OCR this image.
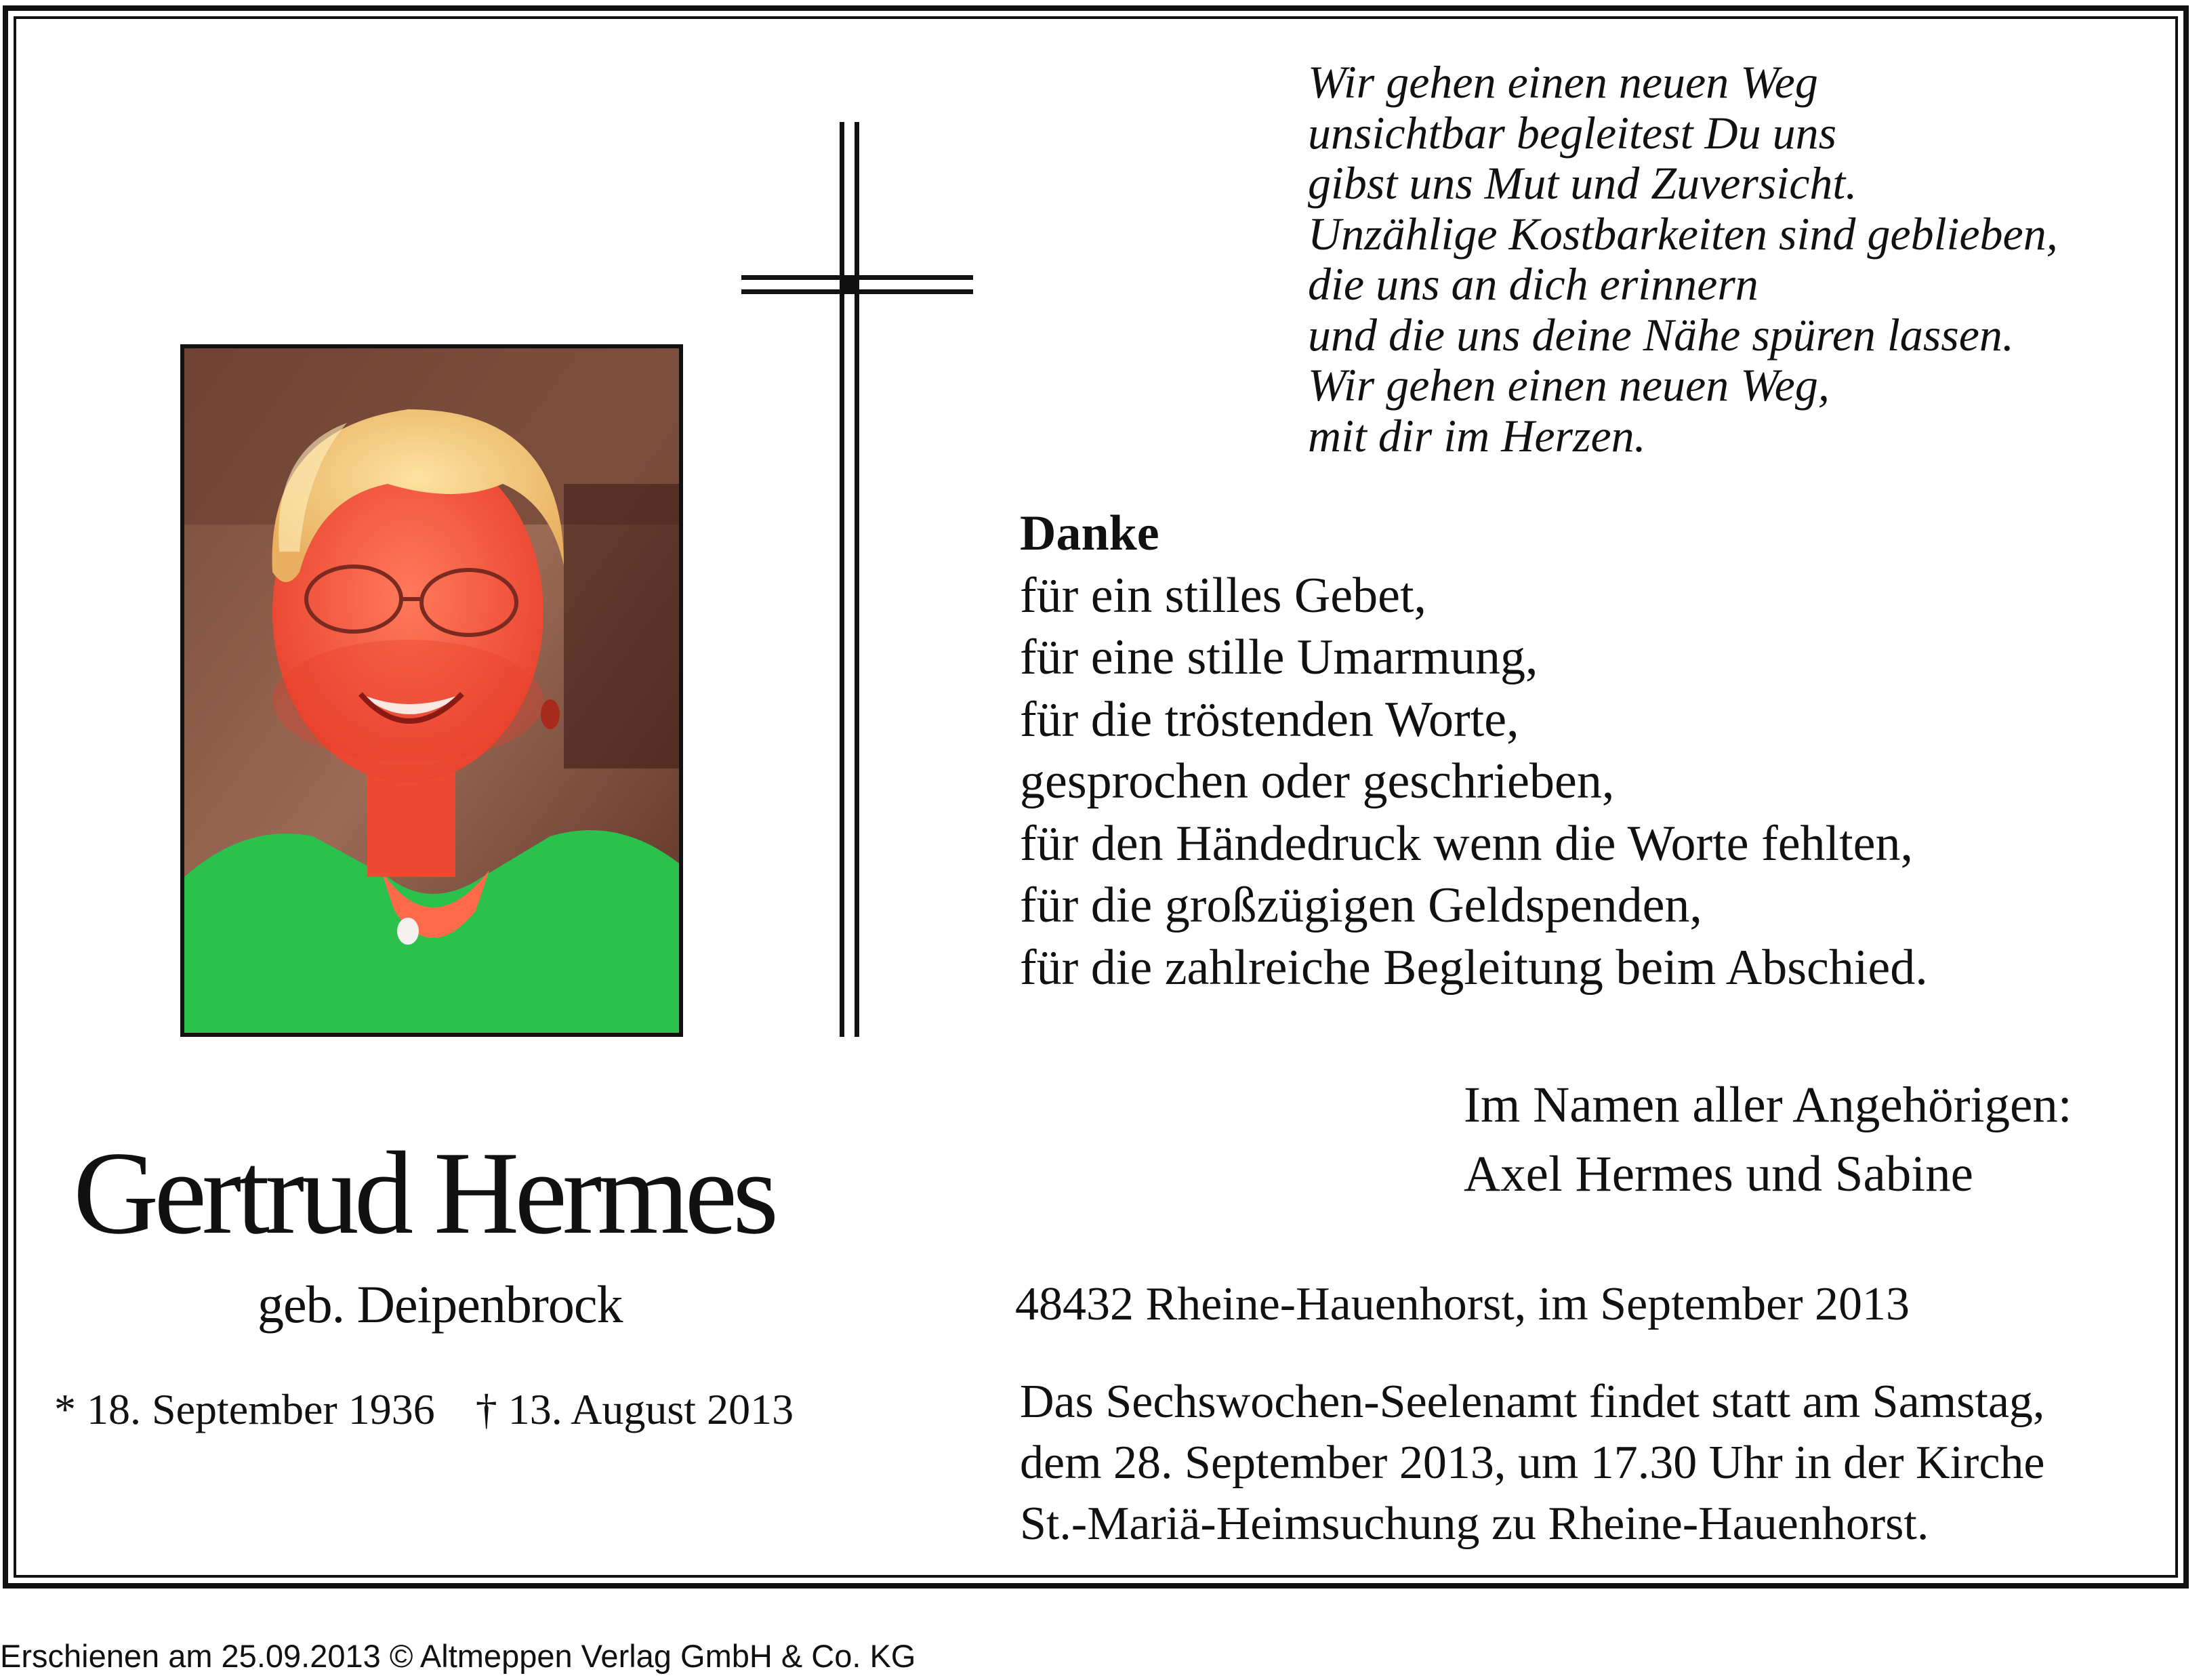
Wir gehen einen neuen Weg
unsichtbar begleitest Du uns
gibst uns Mut und Zuversicht.
Unzählige Kostbarkeiten sind geblieben,
die uns an dich erinnern
und die uns deine Nähe spüren lassen.
Wir gehen einen neuen Weg,
mit dir im Herzen.
Danke
für ein stilles Gebet,
für eine stille Umarmung,
für die tröstenden Worte,
gesprochen oder geschrieben,
für den Händedruck wenn die Worte fehlten,
für die großzügigen Geldspenden,
für die zahlreiche Begleitung beim Abschied.
Im Namen aller Angehörigen:
Axel Hermes und Sabine
Gertrud Hermes
geb. Deipenbrock
* 18. September 1936 † 13. August 2013
48432 Rheine-Hauenhorst, im September 2013
Das Sechswochen-Seelenamt findet statt am Samstag,
dem 28. September 2013, um 17.30 Uhr in der Kirche
St.-Mariä-Heimsuchung zu Rheine-Hauenhorst.
Erschienen am 25.09.2013 © Altmeppen Verlag GmbH & Co. KG
